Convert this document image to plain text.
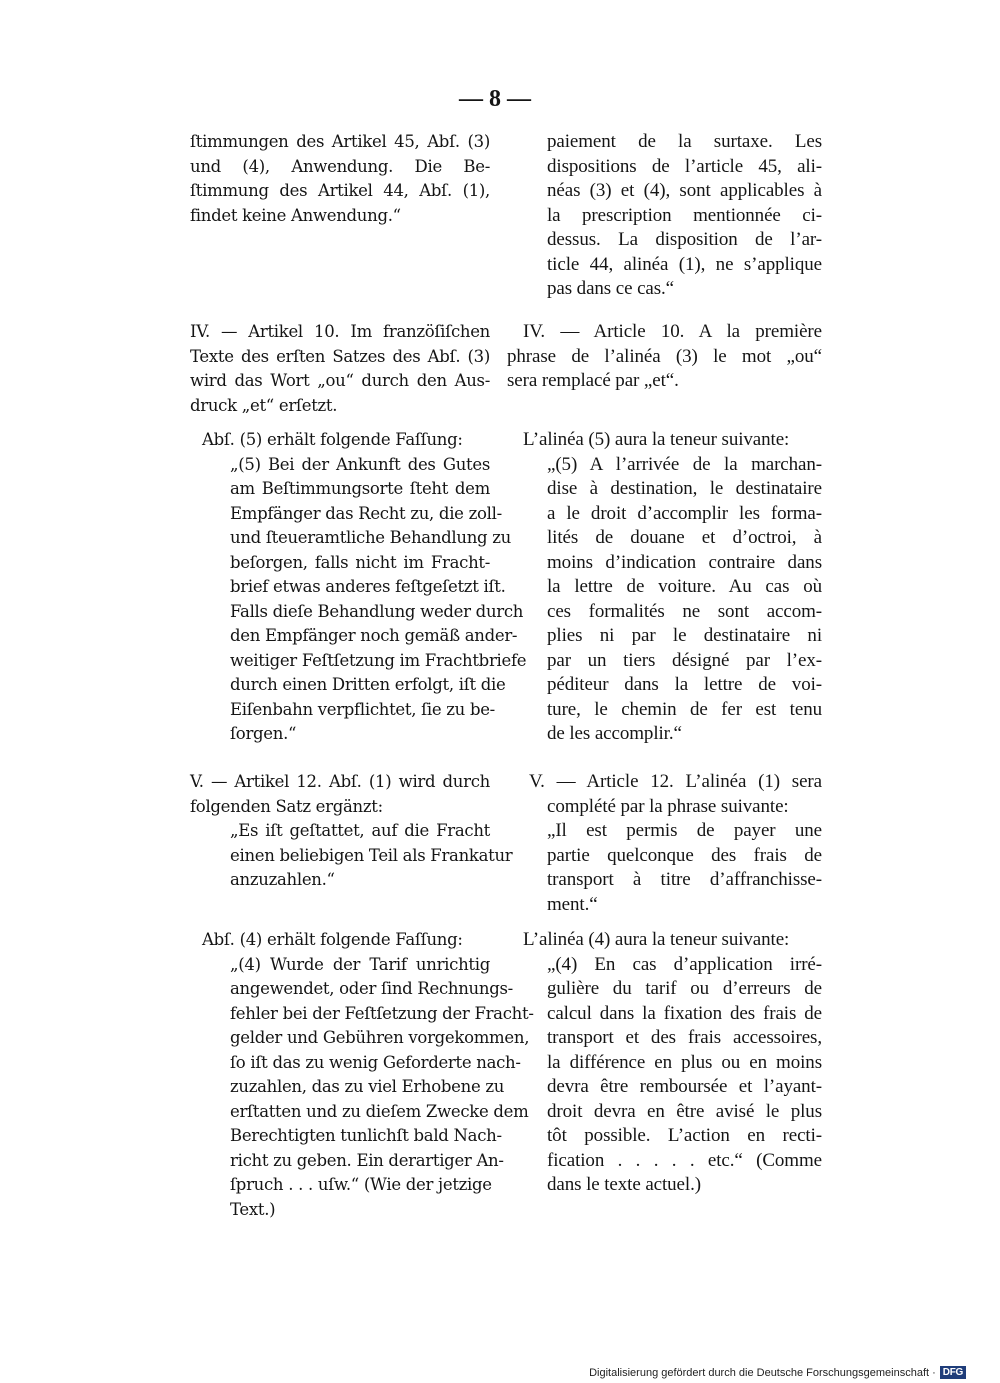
— 8 —
ſtimmungen des Artikel 45, Abſ. (3)
und (4), Anwendung. Die Be-
ſtimmung des Artikel 44, Abſ. (1),
findet keine Anwendung.“
IV. — Artikel 10. Im franzöſiſchen
Texte des erſten Satzes des Abſ. (3)
wird das Wort „ou“ durch den Aus-
druck „et“ erſetzt.
Abſ. (5) erhält folgende Faſſung:
„(5) Bei der Ankunft des Gutes
am Beſtimmungsorte ſteht dem
Empfänger das Recht zu, die zoll-
und ſteueramtliche Behandlung zu
beſorgen, falls nicht im Fracht-
brief etwas anderes feſtgeſetzt iſt.
Falls dieſe Behandlung weder durch
den Empfänger noch gemäß ander-
weitiger Feſtſetzung im Frachtbriefe
durch einen Dritten erfolgt, iſt die
Eiſenbahn verpflichtet, ſie zu be-
ſorgen.“
V. — Artikel 12. Abſ. (1) wird durch
folgenden Satz ergänzt:
„Es iſt geſtattet, auf die Fracht
einen beliebigen Teil als Frankatur
anzuzahlen.“
Abſ. (4) erhält folgende Faſſung:
„(4) Wurde der Tarif unrichtig
angewendet, oder ſind Rechnungs-
fehler bei der Feſtſetzung der Fracht-
gelder und Gebühren vorgekommen,
ſo iſt das zu wenig Geforderte nach-
zuzahlen, das zu viel Erhobene zu
erſtatten und zu dieſem Zwecke dem
Berechtigten tunlichſt bald Nach-
richt zu geben. Ein derartiger An-
ſpruch . . . uſw.“ (Wie der jetzige
Text.)
paiement de la surtaxe. Les
dispositions de l’article 45, ali-
néas (3) et (4), sont applicables à
la prescription mentionnée ci-
dessus. La disposition de l’ar-
ticle 44, alinéa (1), ne s’applique
pas dans ce cas.“
IV. — Article 10. A la première
phrase de l’alinéa (3) le mot „ou“
sera remplacé par „et“.
L’alinéa (5) aura la teneur suivante:
„(5) A l’arrivée de la marchan-
dise à destination, le destinataire
a le droit d’accomplir les forma-
lités de douane et d’octroi, à
moins d’indication contraire dans
la lettre de voiture. Au cas où
ces formalités ne sont accom-
plies ni par le destinataire ni
par un tiers désigné par l’ex-
péditeur dans la lettre de voi-
ture, le chemin de fer est tenu
de les accomplir.“
V. — Article 12. L’alinéa (1) sera
complété par la phrase suivante:
„Il est permis de payer une
partie quelconque des frais de
transport à titre d’affranchisse-
ment.“
L’alinéa (4) aura la teneur suivante:
„(4) En cas d’application irré-
gulière du tarif ou d’erreurs de
calcul dans la fixation des frais de
transport et des frais accessoires,
la différence en plus ou en moins
devra être remboursée et l’ayant-
droit devra en être avisé le plus
tôt possible. L’action en recti-
fication . . . . . etc.“ (Comme
dans le texte actuel.)
Digitalisierung gefördert durch die Deutsche Forschungsgemeinschaft · DFG
